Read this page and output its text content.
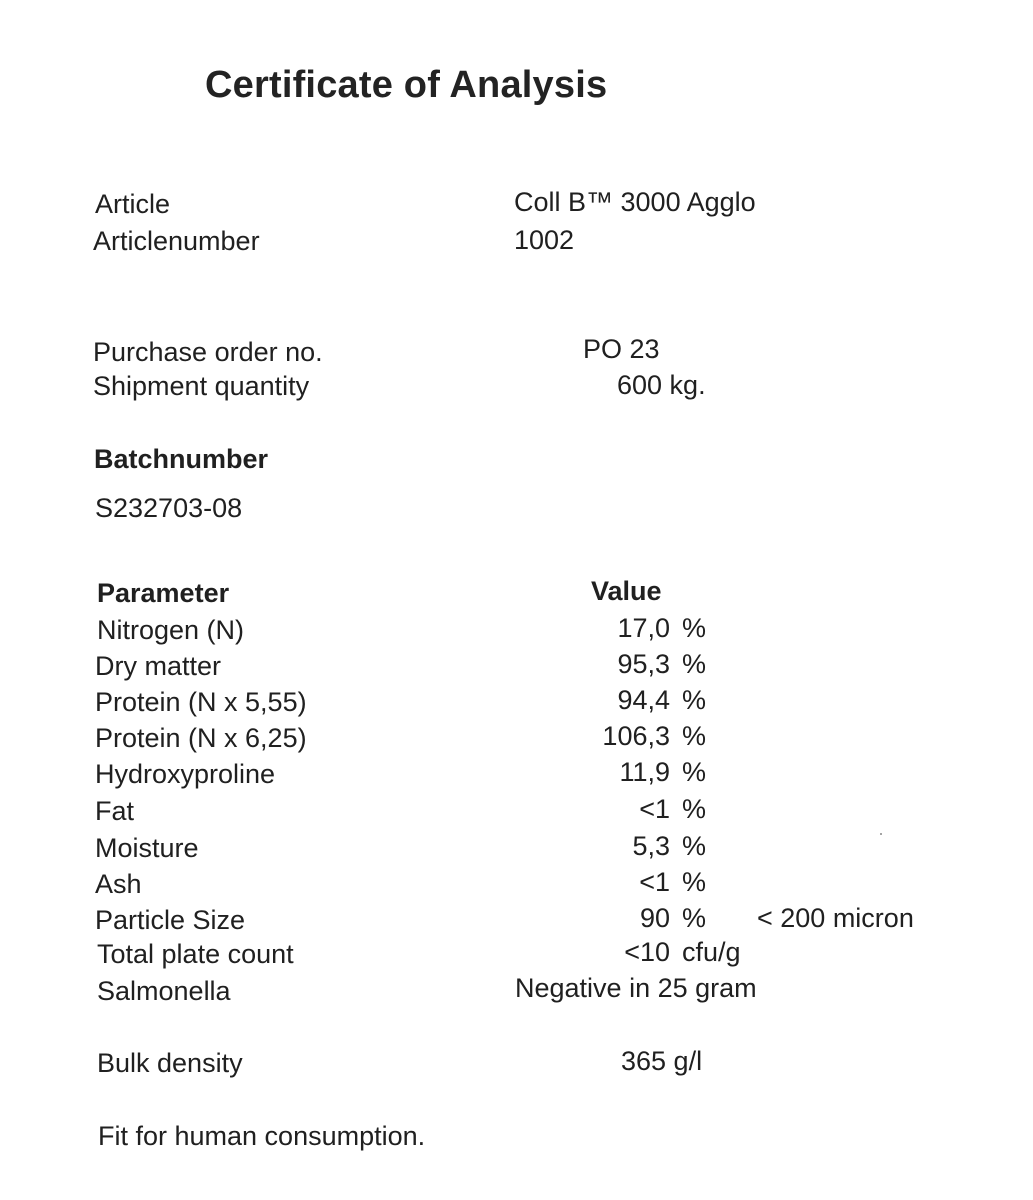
Certificate of Analysis
Article	Coll B™ 3000 Agglo
Articlenumber	1002
Purchase order no.	PO 23
Shipment quantity	600 kg.
Batchnumber
S232703-08
Parameter	Value
Nitrogen (N)	17,0 %
Dry matter	95,3 %
Protein (N x 5,55)	94,4 %
Protein (N x 6,25)	106,3 %
Hydroxyproline	11,9 %
Fat	<1 %
Moisture	5,3 %
Ash	<1 %
Particle Size	90 % < 200 micron
Total plate count	<10 cfu/g
Salmonella	Negative in 25 gram
Bulk density	365 g/l
Fit for human consumption.
